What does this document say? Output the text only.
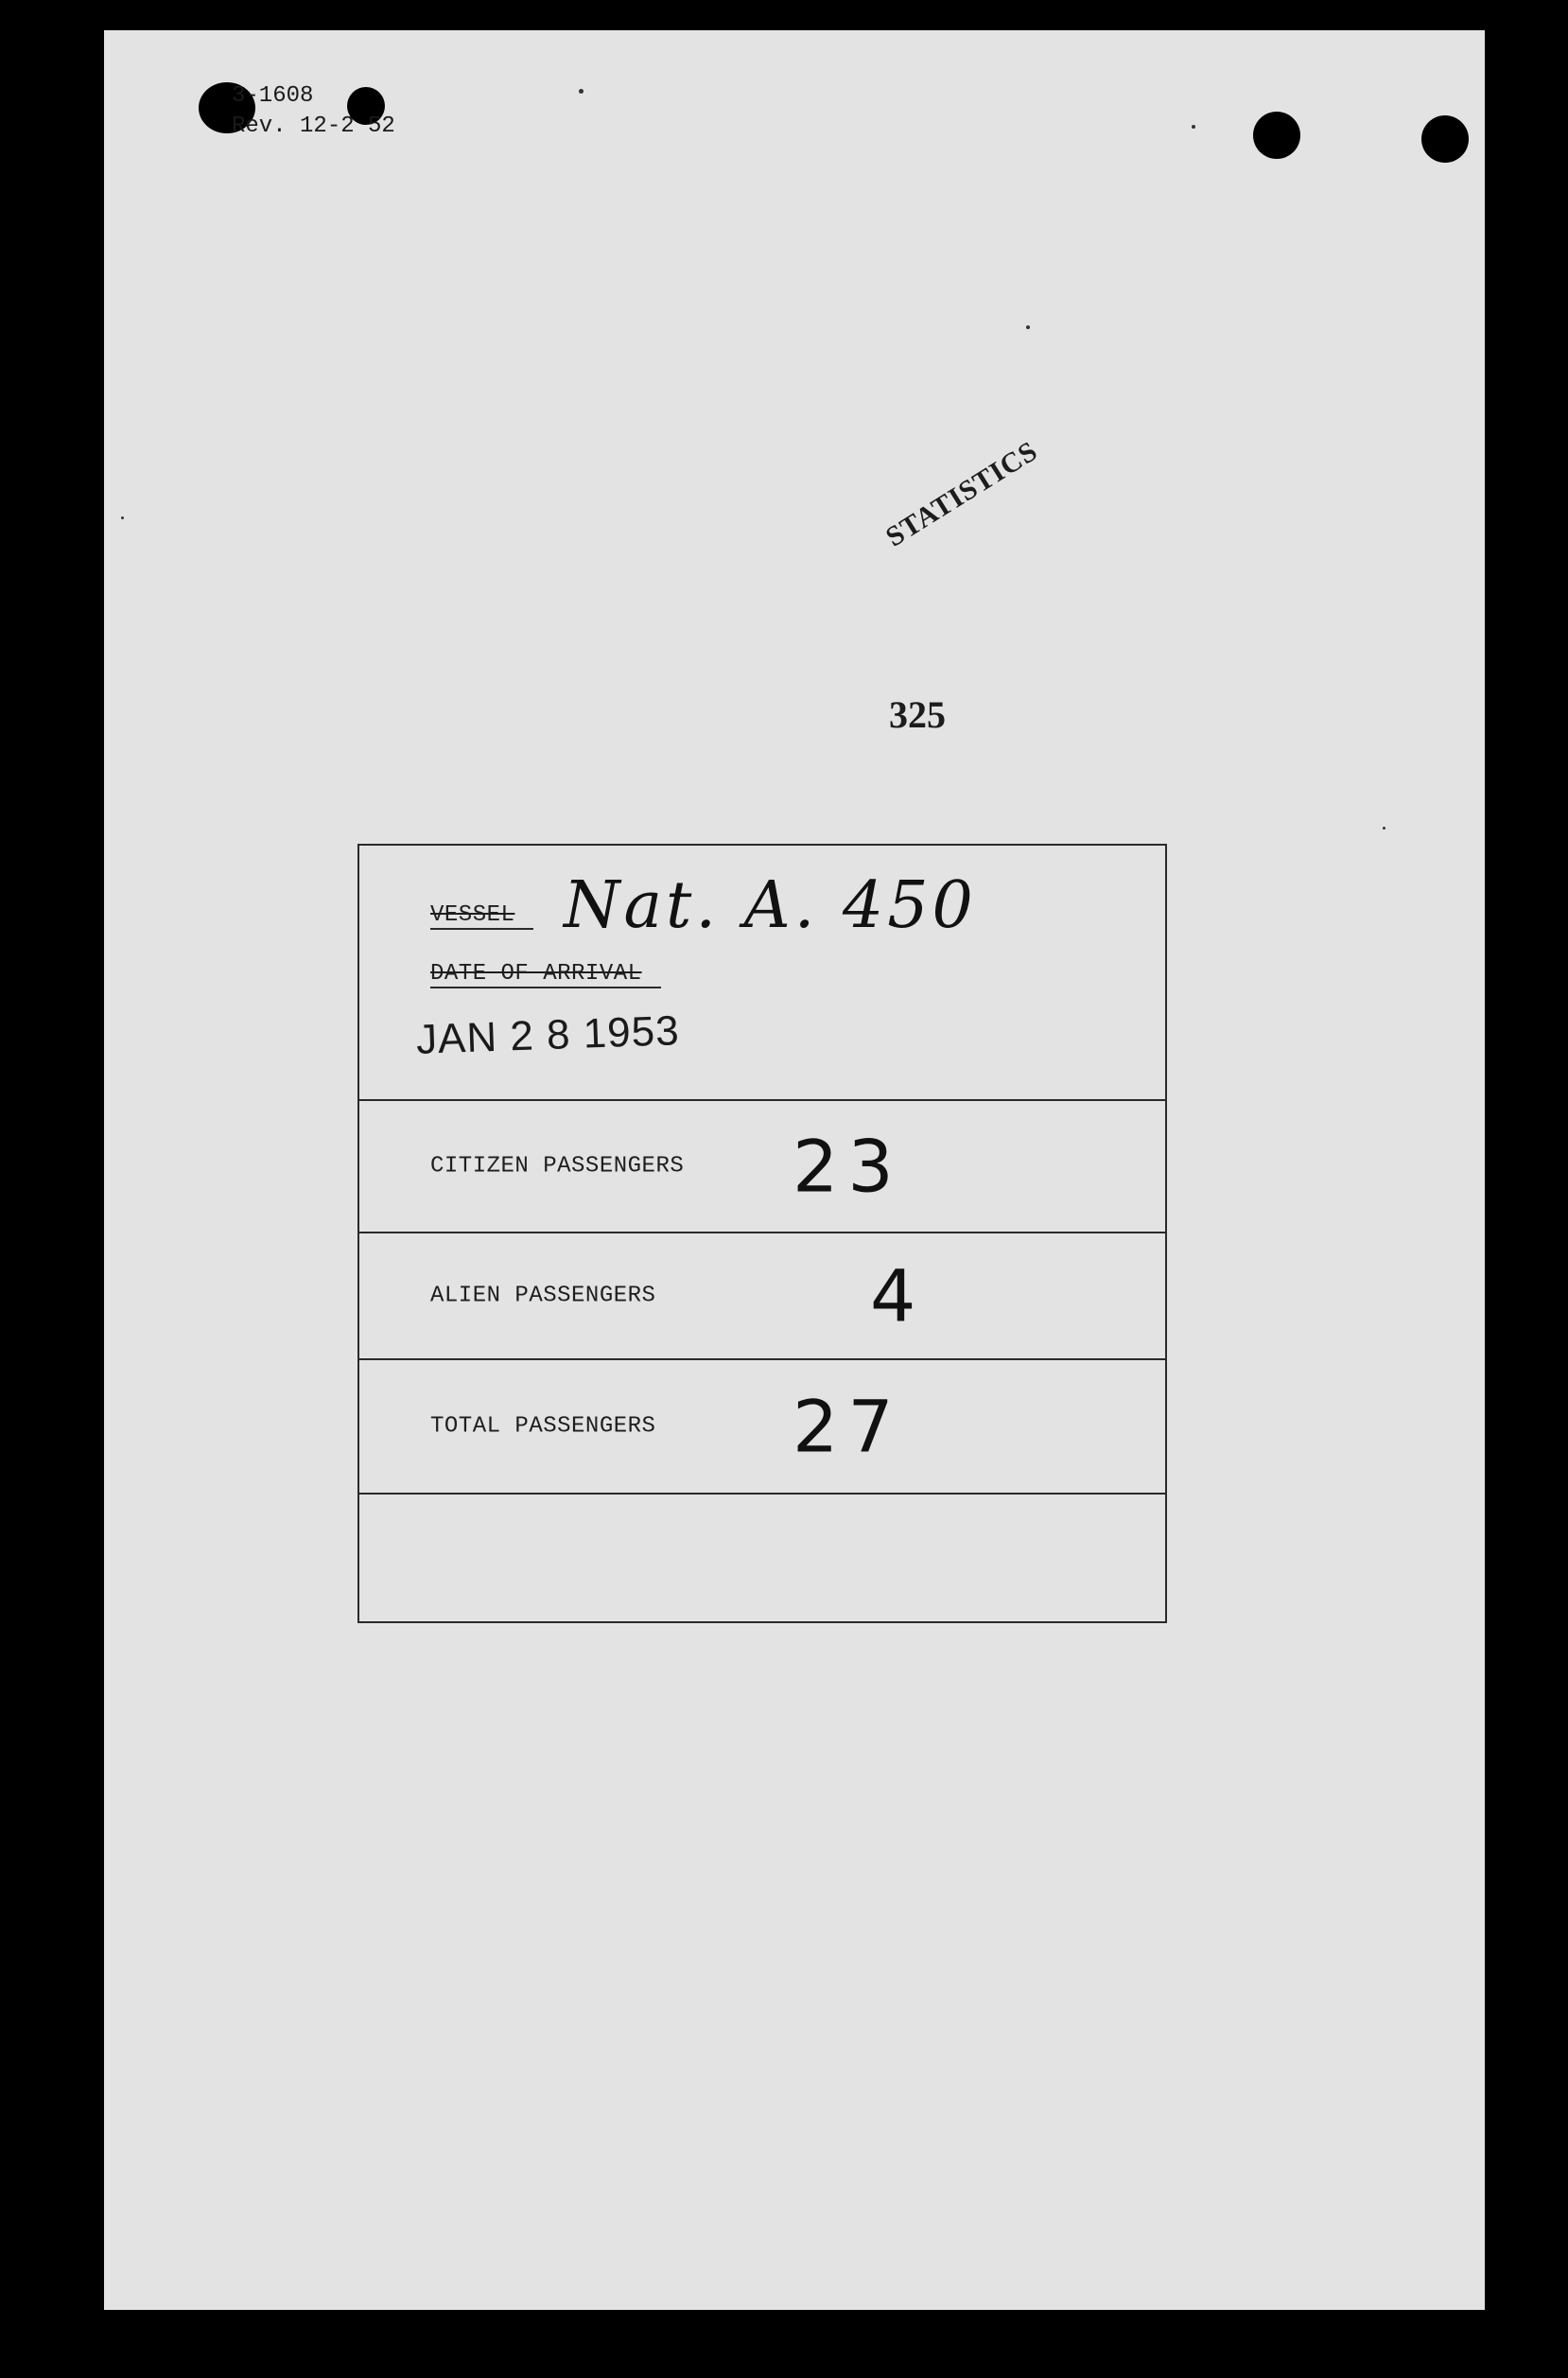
3-1608
Rev. 12-2 52
STATISTICS
325
VESSEL Nat. A. 450
DATE OF ARRIVAL
JAN 2 8 1953
CITIZEN PASSENGERS 23
ALIEN PASSENGERS	4
TOTAL PASSENGERS 27
